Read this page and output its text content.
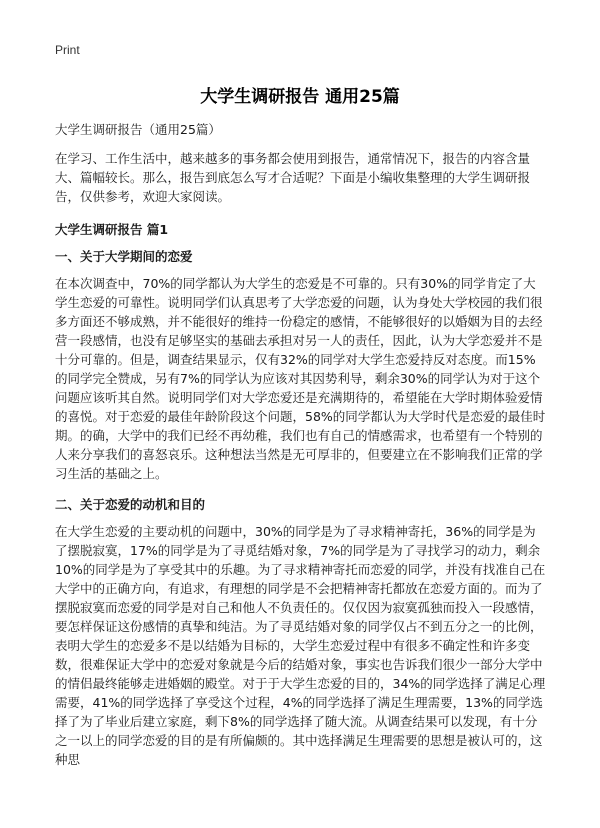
Print
大学生调研报告 通用25篇

大学生调研报告（通用25篇）

在学习、工作生活中，越来越多的事务都会使用到报告，通常情况下，报告的内容含量大、篇幅较长。那么，报告到底怎么写才合适呢？下面是小编收集整理的大学生调研报告，仅供参考，欢迎大家阅读。

大学生调研报告 篇1

一、关于大学期间的恋爱

在本次调查中，70%的同学都认为大学生的恋爱是不可靠的。只有30%的同学肯定了大学生恋爱的可靠性。说明同学们认真思考了大学恋爱的问题，认为身处大学校园的我们很多方面还不够成熟，并不能很好的维持一份稳定的感情，不能够很好的以婚姻为目的去经营一段感情，也没有足够坚实的基础去承担对另一人的责任，因此，认为大学恋爱并不是十分可靠的。但是，调查结果显示，仅有32%的同学对大学生恋爱持反对态度。而15%的同学完全赞成，另有7%的同学认为应该对其因势利导，剩余30%的同学认为对于这个问题应该听其自然。说明同学们对大学恋爱还是充满期待的，希望能在大学时期体验爱情的喜悦。对于恋爱的最佳年龄阶段这个问题，58%的同学都认为大学时代是恋爱的最佳时期。的确，大学中的我们已经不再幼稚，我们也有自己的情感需求，也希望有一个特别的人来分享我们的喜怒哀乐。这种想法当然是无可厚非的，但要建立在不影响我们正常的学习生活的基础之上。

二、关于恋爱的动机和目的

在大学生恋爱的主要动机的问题中，30%的同学是为了寻求精神寄托，36%的同学是为了摆脱寂寞，17%的同学是为了寻觅结婚对象，7%的同学是为了寻找学习的动力，剩余10%的同学是为了享受其中的乐趣。为了寻求精神寄托而恋爱的同学，并没有找准自己在大学中的正确方向，有追求，有理想的同学是不会把精神寄托都放在恋爱方面的。而为了摆脱寂寞而恋爱的同学是对自己和他人不负责任的。仅仅因为寂寞孤独而投入一段感情，要怎样保证这份感情的真挚和纯洁。为了寻觅结婚对象的同学仅占不到五分之一的比例，表明大学生的恋爱多不是以结婚为目标的，大学生恋爱过程中有很多不确定性和许多变数，很难保证大学中的恋爱对象就是今后的结婚对象，事实也告诉我们很少一部分大学中的情侣最终能够走进婚姻的殿堂。对于于大学生恋爱的目的，34%的同学选择了满足心理需要，41%的同学选择了享受这个过程，4%的同学选择了满足生理需要，13%的同学选择了为了毕业后建立家庭，剩下8%的同学选择了随大流。从调查结果可以发现，有十分之一以上的同学恋爱的目的是有所偏颇的。其中选择满足生理需要的思想是被认可的，这种思
